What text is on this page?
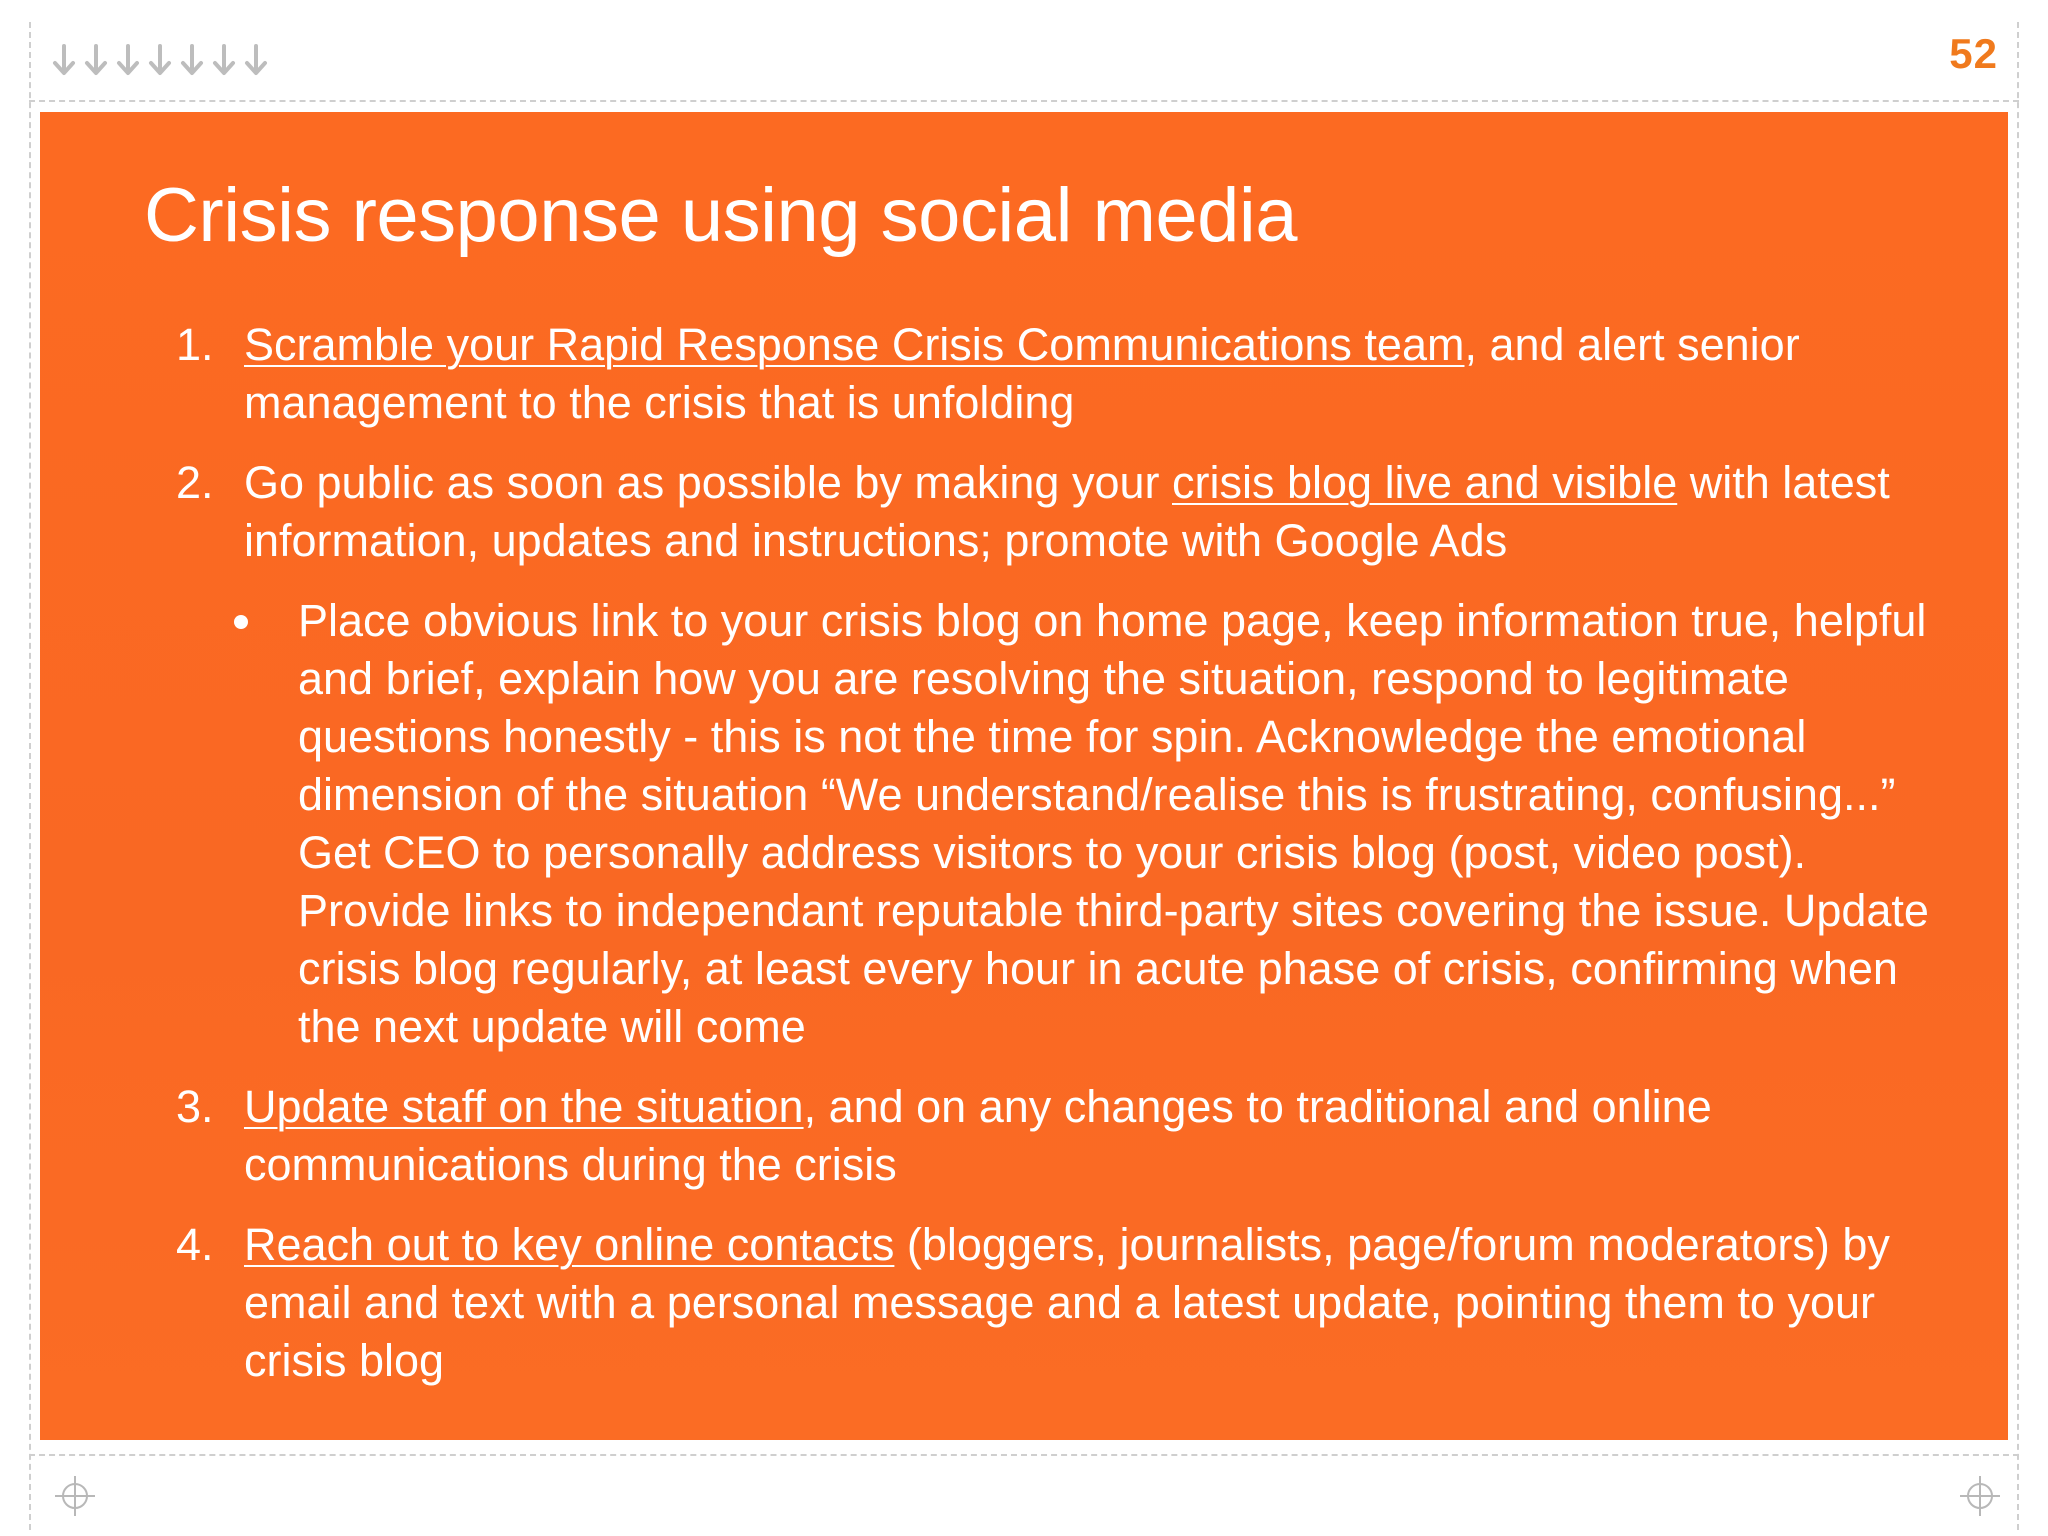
52
Crisis response using social media
1. Scramble your Rapid Response Crisis Communications team, and alert senior management to the crisis that is unfolding
2. Go public as soon as possible by making your crisis blog live and visible with latest information, updates and instructions; promote with Google Ads
Place obvious link to your crisis blog on home page, keep information true, helpful and brief, explain how you are resolving the situation, respond to legitimate questions honestly - this is not the time for spin. Acknowledge the emotional dimension of the situation “We understand/realise this is frustrating, confusing...” Get CEO to personally address visitors to your crisis blog (post, video post). Provide links to independant reputable third-party sites covering the issue. Update crisis blog regularly, at least every hour in acute phase of crisis, confirming when the next update will come
3. Update staff on the situation, and on any changes to traditional and online communications during the crisis
4. Reach out to key online contacts (bloggers, journalists, page/forum moderators) by email and text with a personal message and a latest update, pointing them to your crisis blog
